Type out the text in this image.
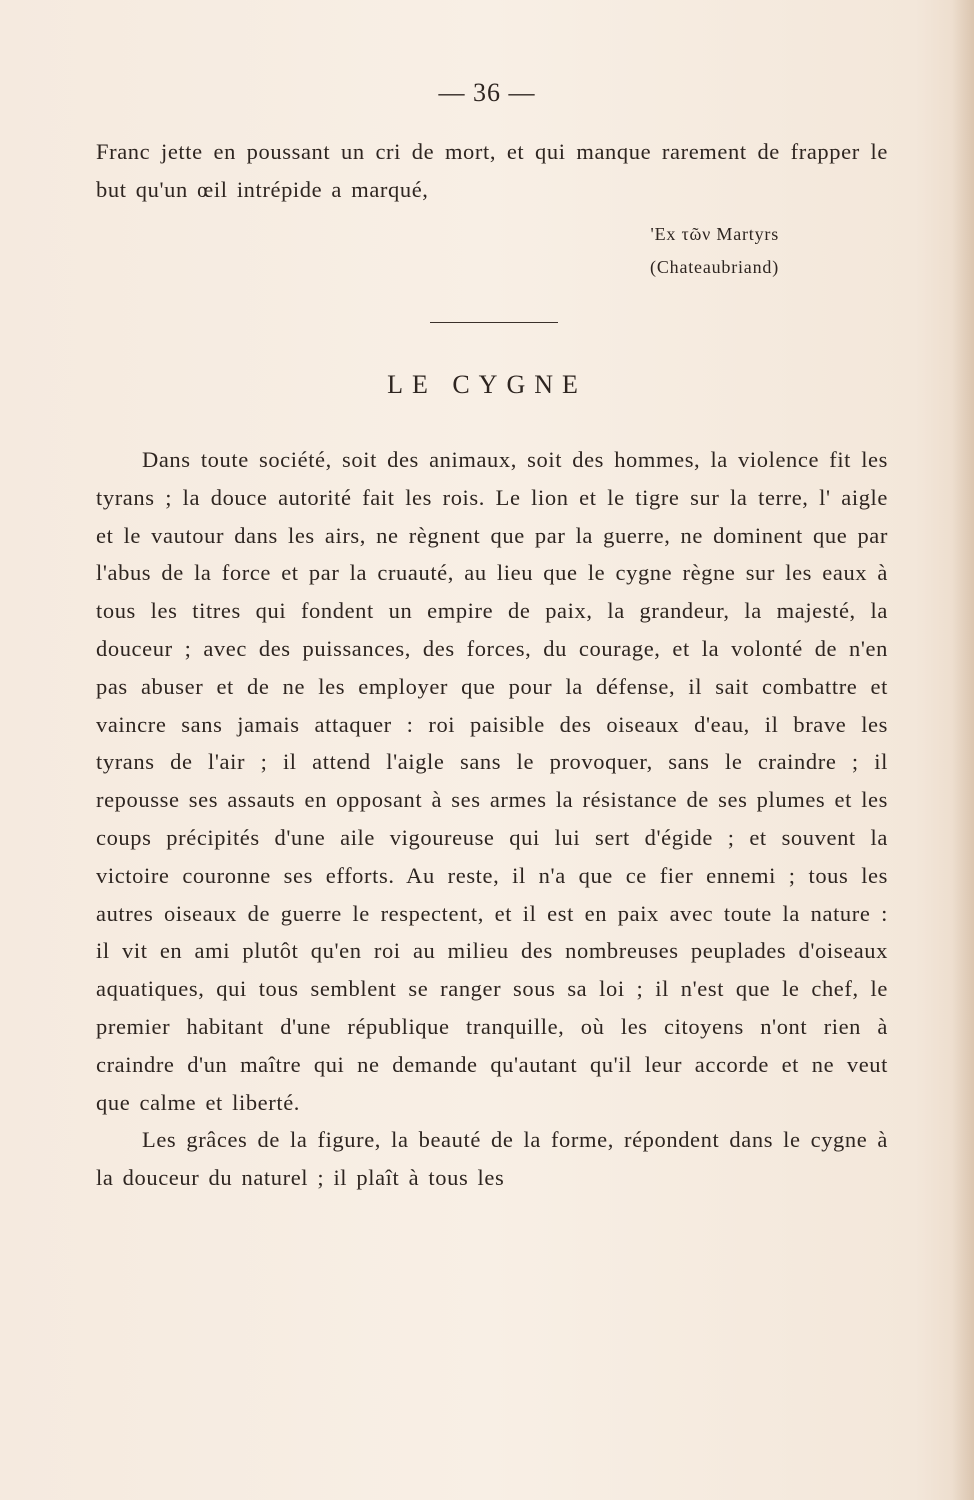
— 36 —
Franc jette en poussant un cri de mort, et qui manque rarement de frapper le but qu'un œil intrépide a marqué,
'Ex τῶν Martyrs
(Chateaubriand)
LE CYGNE

Dans toute société, soit des animaux, soit des hommes, la violence fit les tyrans ; la douce autorité fait les rois. Le lion et le tigre sur la terre, l' aigle et le vautour dans les airs, ne règnent que par la guerre, ne dominent que par l'abus de la force et par la cruauté, au lieu que le cygne règne sur les eaux à tous les titres qui fondent un empire de paix, la grandeur, la majesté, la douceur ; avec des puissances, des forces, du courage, et la volonté de n'en pas abuser et de ne les employer que pour la défense, il sait combattre et vaincre sans jamais attaquer : roi paisible des oiseaux d'eau, il brave les tyrans de l'air ; il attend l'aigle sans le provoquer, sans le craindre ; il repousse ses assauts en opposant à ses armes la résistance de ses plumes et les coups précipités d'une aile vigoureuse qui lui sert d'égide ; et souvent la victoire couronne ses efforts. Au reste, il n'a que ce fier ennemi ; tous les autres oiseaux de guerre le respectent, et il est en paix avec toute la nature : il vit en ami plutôt qu'en roi au milieu des nombreuses peuplades d'oiseaux aquatiques, qui tous semblent se ranger sous sa loi ; il n'est que le chef, le premier habitant d'une république tranquille, où les citoyens n'ont rien à craindre d'un maître qui ne demande qu'autant qu'il leur accorde et ne veut que calme et liberté.

Les grâces de la figure, la beauté de la forme, répondent dans le cygne à la douceur du naturel ; il plaît à tous les
